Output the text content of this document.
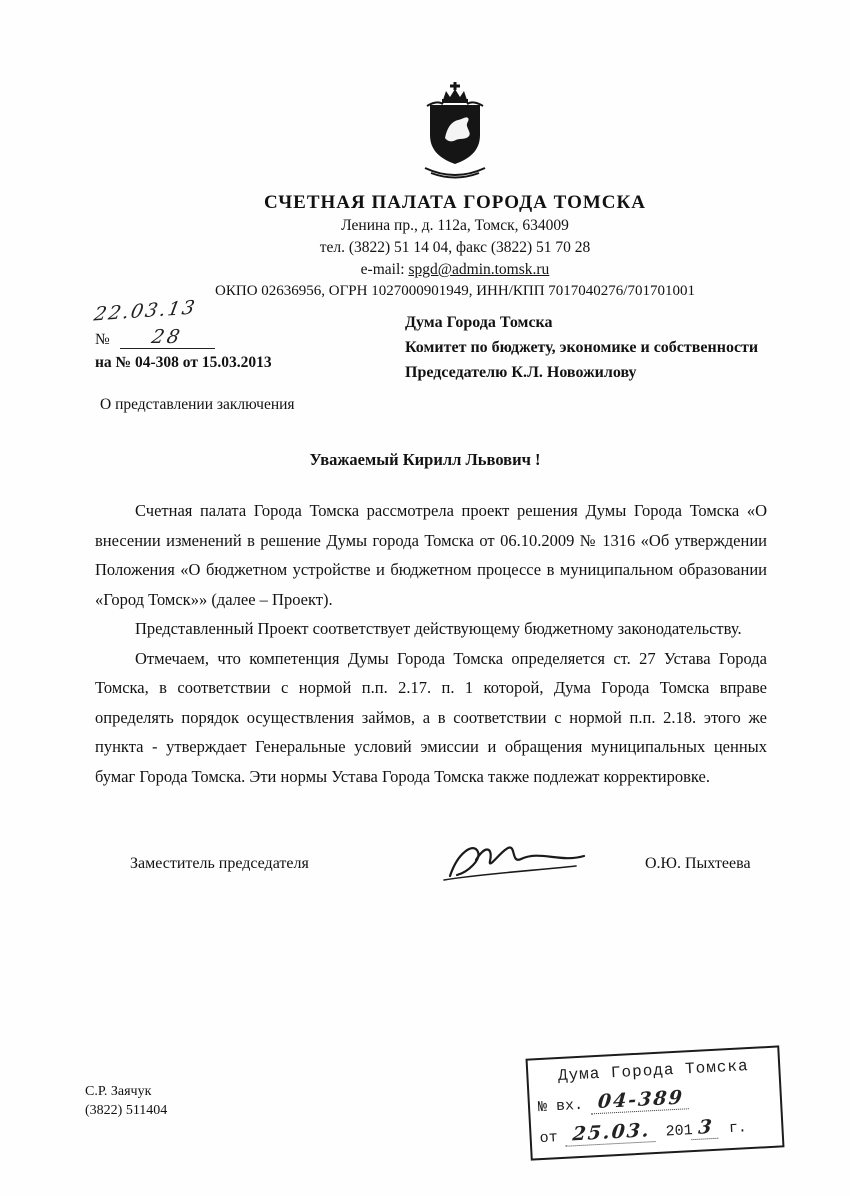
СЧЕТНАЯ ПАЛАТА ГОРОДА ТОМСКА
Ленина пр., д. 112а, Томск, 634009
тел. (3822) 51 14 04, факс (3822) 51 70 28
e-mail: spgd@admin.tomsk.ru
ОКПО 02636956, ОГРН 1027000901949, ИНН/КПП 7017040276/701701001
22.03.13
№ 28
на № 04-308 от 15.03.2013
Дума Города Томска
Комитет по бюджету, экономике и собственности
Председателю К.Л. Новожилову
О представлении заключения
Уважаемый Кирилл Львович !

Счетная палата Города Томска рассмотрела проект решения Думы Города Томска «О внесении изменений в решение Думы города Томска от 06.10.2009 № 1316 «Об утверждении Положения «О бюджетном устройстве и бюджетном процессе в муниципальном образовании «Город Томск»» (далее – Проект).

Представленный Проект соответствует действующему бюджетному законодательству.

Отмечаем, что компетенция Думы Города Томска определяется ст. 27 Устава Города Томска, в соответствии с нормой п.п. 2.17. п. 1 которой, Дума Города Томска вправе определять порядок осуществления займов, а в соответствии с нормой п.п. 2.18. этого же пункта - утверждает Генеральные условий эмиссии и обращения муниципальных ценных бумаг Города Томска. Эти нормы Устава Города Томска также подлежат корректировке.

Заместитель председателя	О.Ю. Пыхтеева
С.Р. Заячук
(3822) 511404
Дума Города Томска
№ вх. 04-389
от 25.03. 201 3 г.
